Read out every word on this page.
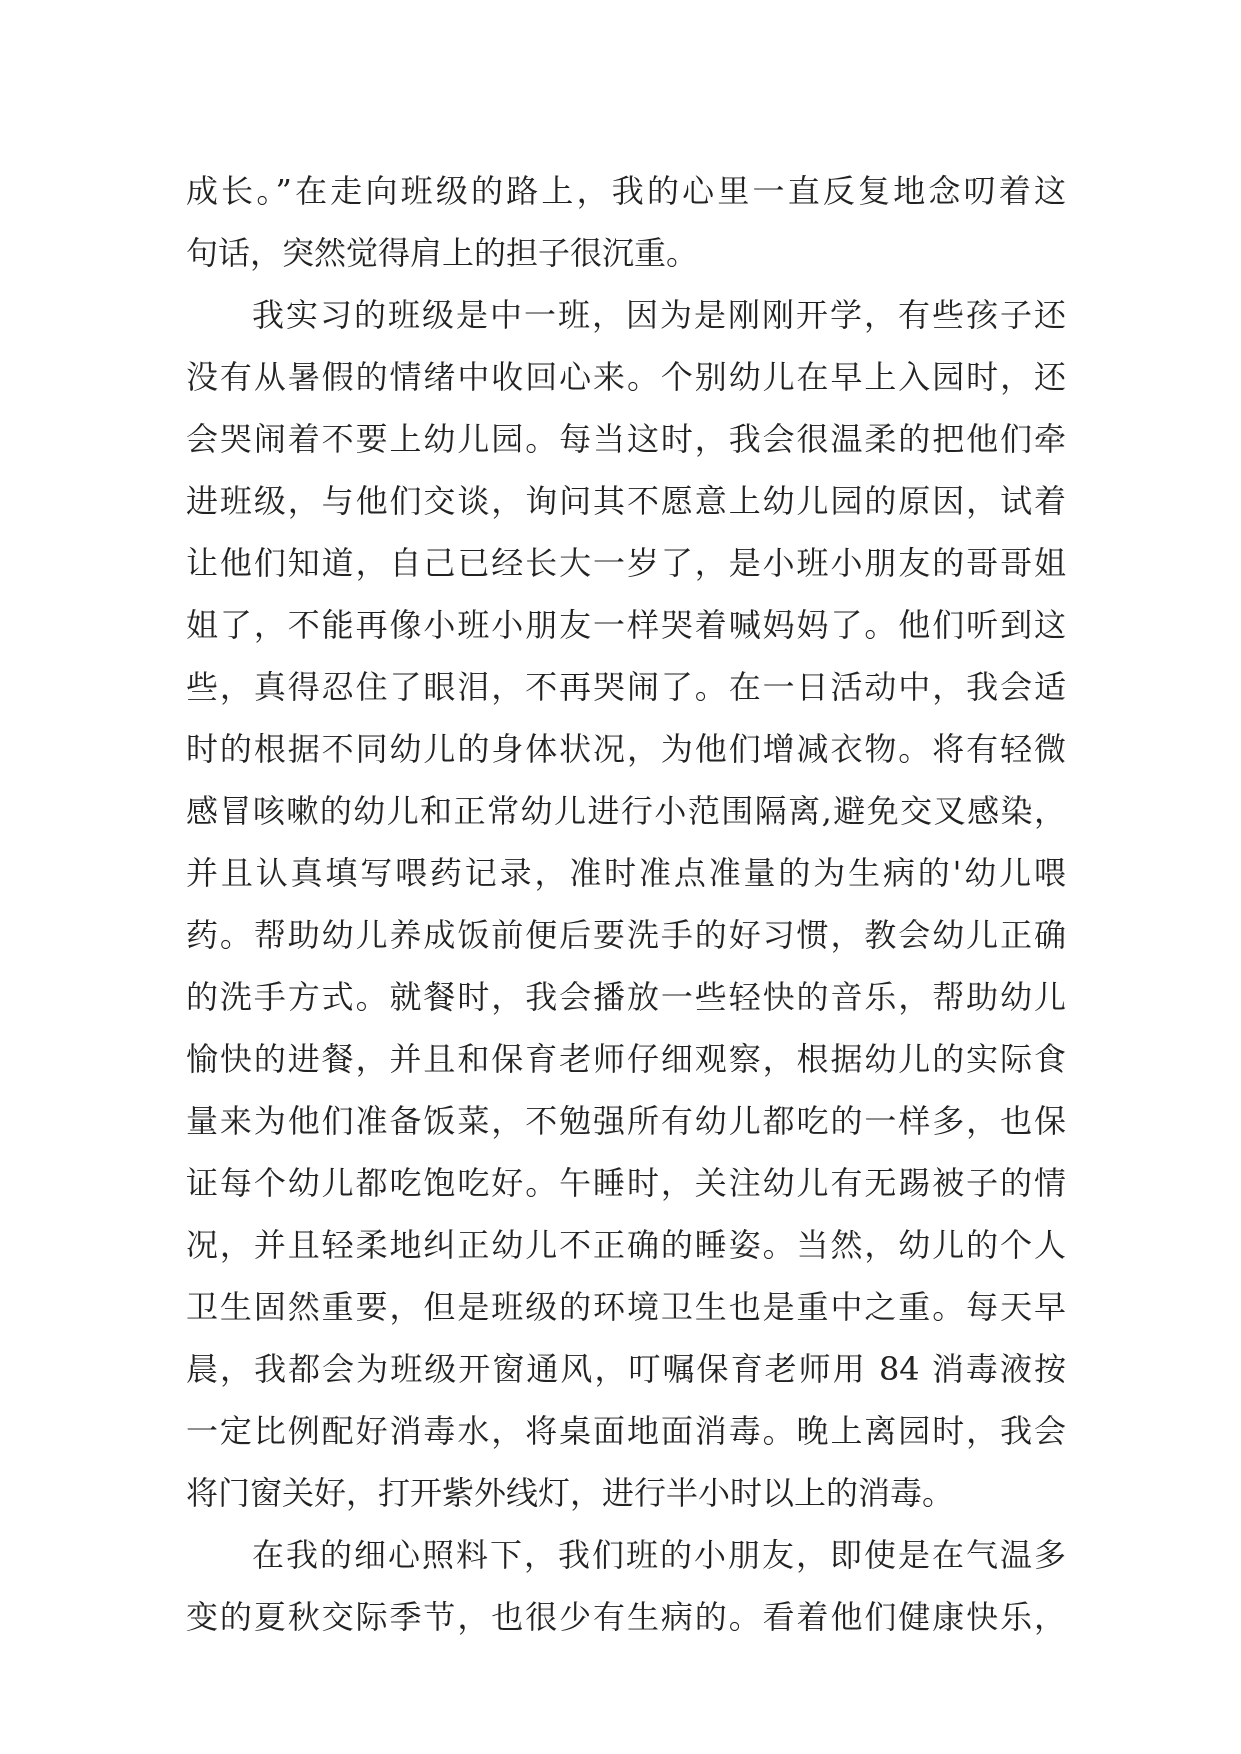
成长。”在走向班级的路上，我的心里一直反复地念叨着这
句话，突然觉得肩上的担子很沉重。
我实习的班级是中一班，因为是刚刚开学，有些孩子还
没有从暑假的情绪中收回心来。个别幼儿在早上入园时，还
会哭闹着不要上幼儿园。每当这时，我会很温柔的把他们牵
进班级，与他们交谈，询问其不愿意上幼儿园的原因，试着
让他们知道，自己已经长大一岁了，是小班小朋友的哥哥姐
姐了，不能再像小班小朋友一样哭着喊妈妈了。他们听到这
些，真得忍住了眼泪，不再哭闹了。在一日活动中，我会适
时的根据不同幼儿的身体状况，为他们增减衣物。将有轻微
感冒咳嗽的幼儿和正常幼儿进行小范围隔离,避免交叉感染，
并且认真填写喂药记录，准时准点准量的为生病的'幼儿喂
药。帮助幼儿养成饭前便后要洗手的好习惯，教会幼儿正确
的洗手方式。就餐时，我会播放一些轻快的音乐，帮助幼儿
愉快的进餐，并且和保育老师仔细观察，根据幼儿的实际食
量来为他们准备饭菜，不勉强所有幼儿都吃的一样多，也保
证每个幼儿都吃饱吃好。午睡时，关注幼儿有无踢被子的情
况，并且轻柔地纠正幼儿不正确的睡姿。当然，幼儿的个人
卫生固然重要，但是班级的环境卫生也是重中之重。每天早
晨，我都会为班级开窗通风，叮嘱保育老师用 84 消毒液按
一定比例配好消毒水，将桌面地面消毒。晚上离园时，我会
将门窗关好，打开紫外线灯，进行半小时以上的消毒。
在我的细心照料下，我们班的小朋友，即使是在气温多
变的夏秋交际季节，也很少有生病的。看着他们健康快乐，
